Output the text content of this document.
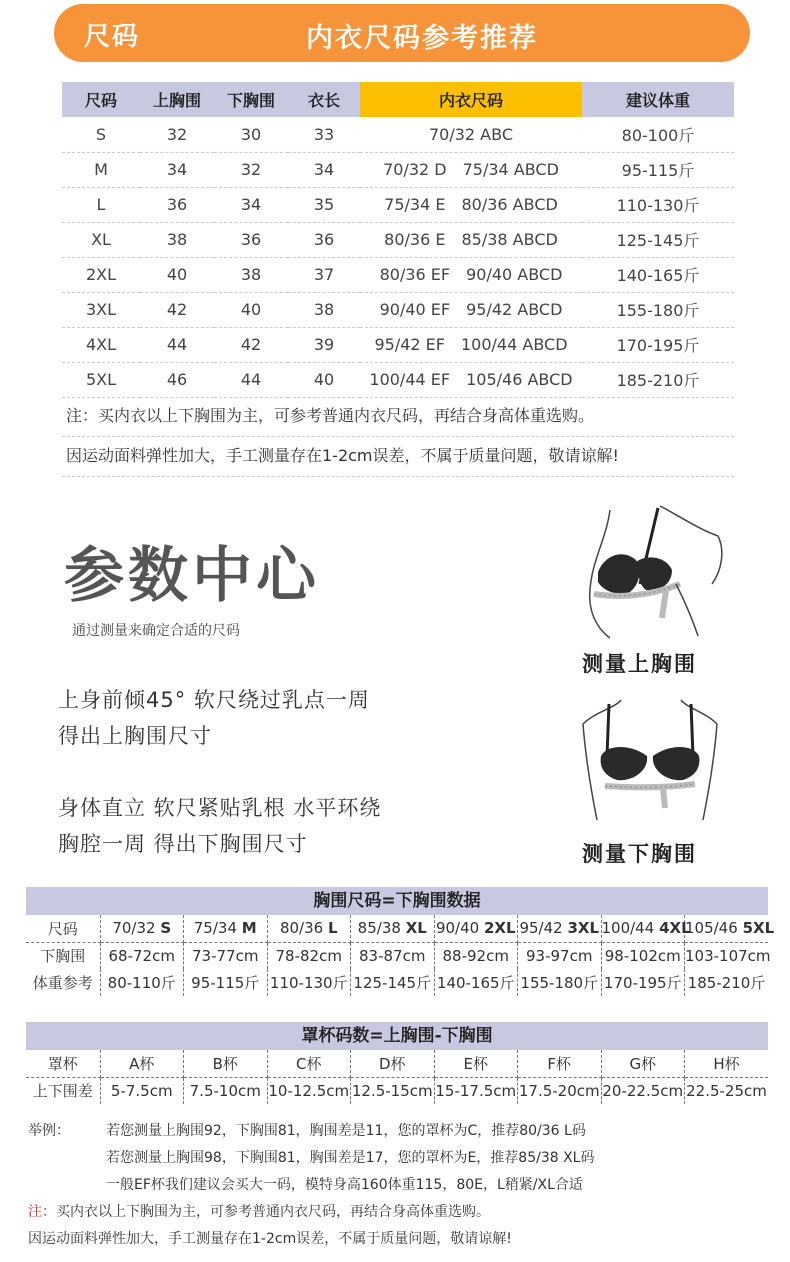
尺码	内衣尺码参考推荐
尺码	上胸围	下胸围	衣长	内衣尺码	建议体重
S	32	30	33	70/32 ABC	80-100斤
M	34	32	34	70/32 D 75/34 ABCD	95-115斤
L	36	34	35	75/34 E 80/36 ABCD	110-130斤
XL	38	36	36	80/36 E 85/38 ABCD	125-145斤
2XL	40	38	37	80/36 EF 90/40 ABCD	140-165斤
3XL	42	40	38	90/40 EF 95/42 ABCD	155-180斤
4XL	44	42	39	95/42 EF 100/44 ABCD	170-195斤
5XL	46	44	40	100/44 EF 105/46 ABCD	185-210斤
注：买内衣以上下胸围为主，可参考普通内衣尺码，再结合身高体重选购。
因运动面料弹性加大，手工测量存在1-2cm误差，不属于质量问题，敬请谅解!
参数中心
通过测量来确定合适的尺码
上身前倾45° 软尺绕过乳点一周
得出上胸围尺寸
身体直立 软尺紧贴乳根 水平环绕
胸腔一周 得出下胸围尺寸
测量上胸围
测量下胸围
胸围尺码=下胸围数据
尺码	70/32 S	75/34 M	80/36 L	85/38 XL	90/40 2XL	95/42 3XL	100/44 4XL	105/46 5XL
下胸围	68-72cm	73-77cm	78-82cm	83-87cm	88-92cm	93-97cm	98-102cm	103-107cm
体重参考	80-110斤	95-115斤	110-130斤	125-145斤	140-165斤	155-180斤	170-195斤	185-210斤
罩杯码数=上胸围-下胸围
罩杯	A杯	B杯	C杯	D杯	E杯	F杯	G杯	H杯
上下围差	5-7.5cm	7.5-10cm	10-12.5cm	12.5-15cm	15-17.5cm	17.5-20cm	20-22.5cm	22.5-25cm
举例：	若您测量上胸围92，下胸围81，胸围差是11，您的罩杯为C，推荐80/36 L码
若您测量上胸围98，下胸围81，胸围差是17，您的罩杯为E，推荐85/38 XL码
一般EF杯我们建议会买大一码，模特身高160体重115，80E，L稍紧/XL合适
注：买内衣以上下胸围为主，可参考普通内衣尺码，再结合身高体重选购。
因运动面料弹性加大，手工测量存在1-2cm误差，不属于质量问题，敬请谅解!
